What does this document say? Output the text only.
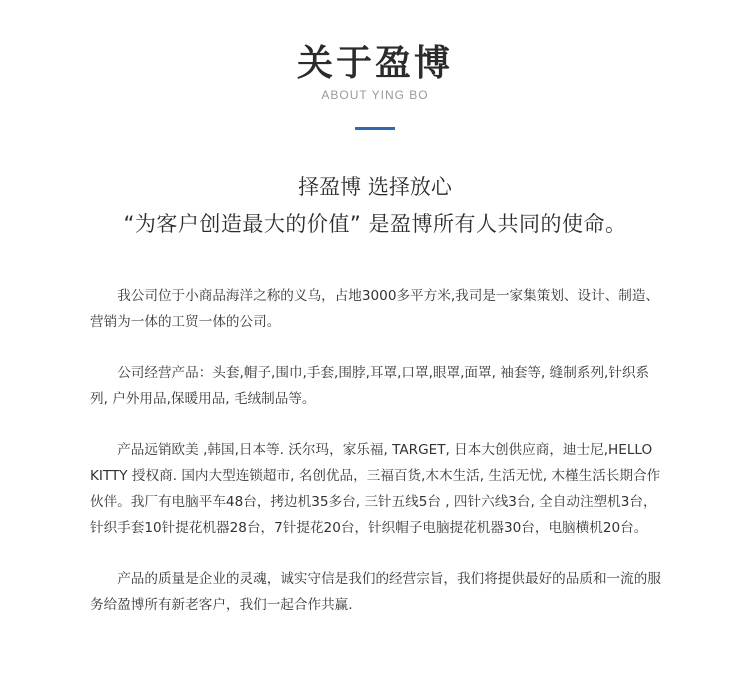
关于盈博
ABOUT YING BO
择盈博 选择放心
“为客户创造最大的价值” 是盈博所有人共同的使命。

我公司位于小商品海洋之称的义乌，占地3000多平方米,我司是一家集策划、设计、制造、营销为一体的工贸一体的公司。

公司经营产品：头套,帽子,围巾,手套,围脖,耳罩,口罩,眼罩,面罩, 袖套等, 缝制系列,针织系列, 户外用品,保暖用品, 毛绒制品等。

产品远销欧美 ,韩国,日本等. 沃尔玛，家乐福, TARGET, 日本大创供应商，迪士尼,HELLO KITTY 授权商. 国内大型连锁超市, 名创优品，三福百货,木木生活, 生活无忧, 木槿生活长期合作伙伴。我厂有电脑平车48台，拷边机35多台, 三针五线5台 , 四针六线3台, 全自动注塑机3台，针织手套10针提花机器28台，7针提花20台，针织帽子电脑提花机器30台，电脑横机20台。

产品的质量是企业的灵魂，诚实守信是我们的经营宗旨，我们将提供最好的品质和一流的服务给盈博所有新老客户，我们一起合作共赢.
